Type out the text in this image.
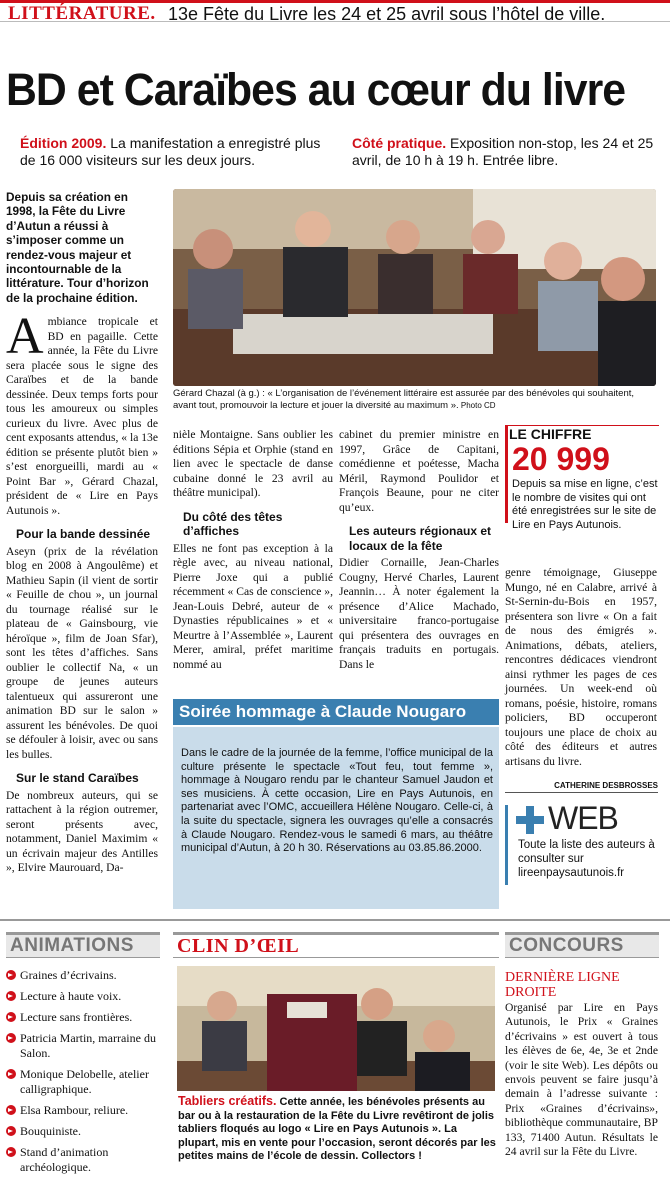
LITTÉRATURE. 13e Fête du Livre les 24 et 25 avril sous l’hôtel de ville.
BD et Caraïbes au cœur du livre
Édition 2009. La manifestation a enregistré plus de 16 000 visiteurs sur les deux jours.
Côté pratique. Exposition non-stop, les 24 et 25 avril, de 10 h à 19 h. Entrée libre.
Depuis sa création en 1998, la Fête du Livre d’Autun a réussi à s’imposer comme un rendez-vous majeur et incontournable de la littérature. Tour d’horizon de la prochaine édition.

Ambiance tropicale et BD en pagaille. Cette année, la Fête du Livre sera placée sous le signe des Caraïbes et de la bande dessinée. Deux temps forts pour tous les amoureux ou simples curieux du livre. Avec plus de cent exposants attendus, « la 13e édition se présente plutôt bien » s’est enorgueilli, mardi au « Point Bar », Gérard Chazal, président de « Lire en Pays Autunois ».

Pour la bande dessinée

Aseyn (prix de la révélation blog en 2008 à Angoulême) et Mathieu Sapin (il vient de sortir « Feuille de chou », un journal du tournage réalisé sur le plateau de « Gainsbourg, vie héroïque », film de Joan Sfar), sont les têtes d’affiches. Sans oublier le collectif Na, « un groupe de jeunes auteurs talentueux qui assureront une animation BD sur le salon » assurent les bénévoles. De quoi se défouler à loisir, avec ou sans les bulles.

Sur le stand Caraïbes

De nombreux auteurs, qui se rattachent à la région outremer, seront présents avec, notamment, Daniel Maximim « un écrivain majeur des Antilles », Elvire Maurouard, Da-

Gérard Chazal (à g.) : « L’organisation de l’événement littéraire est assurée par des bénévoles qui souhaitent, avant tout, promouvoir la lecture et jouer la diversité au maximum ». Photo CD

nièle Montaigne. Sans oublier les éditions Sépia et Orphie (stand en lien avec le spectacle de danse cubaine donné le 23 avril au théâtre municipal).

Du côté des têtes d’affiches

Elles ne font pas exception à la règle avec, au niveau national, Pierre Joxe qui a publié récemment « Cas de conscience », Jean-Louis Debré, auteur de « Dynasties républicaines » et « Meurtre à l’Assemblée », Laurent Merer, amiral, préfet maritime nommé au

cabinet du premier ministre en 1997, Grâce de Capitani, comédienne et poétesse, Macha Méril, Raymond Poulidor et François Beaune, pour ne citer qu’eux.

Les auteurs régionaux et locaux de la fête

Didier Cornaille, Jean-Charles Cougny, Hervé Charles, Laurent Jeannin… À noter également la présence d’Alice Machado, universitaire franco-portugaise qui présentera des ouvrages en français traduits en portugais. Dans le

LE CHIFFRE
20 999
Depuis sa mise en ligne, c’est le nombre de visites qui ont été enregistrées sur le site de Lire en Pays Autunois.

genre témoignage, Giuseppe Mungo, né en Calabre, arrivé à St-Sernin-du-Bois en 1957, présentera son livre « On a fait de nous des émigrés ». Animations, débats, ateliers, rencontres dédicaces viendront ainsi rythmer les pages de ces journées. Un week-end où romans, poésie, histoire, romans policiers, BD occuperont toujours une place de choix au côté des éditeurs et autres artisans du livre.

CATHERINE DESBROSSES
Soirée hommage à Claude Nougaro
Dans le cadre de la journée de la femme, l’office municipal de la culture présente le spectacle «Tout feu, tout femme », hommage à Nougaro rendu par le chanteur Samuel Jaudon et ses musiciens. À cette occasion, Lire en Pays Autunois, en partenariat avec l’OMC, accueillera Hélène Nougaro. Celle-ci, à la suite du spectacle, signera les ouvrages qu’elle a consacrés à Claude Nougaro. Rendez-vous le samedi 6 mars, au théâtre municipal d’Autun, à 20 h 30. Réservations au 03.85.86.2000.
WEB
Toute la liste des auteurs à consulter sur lireenpaysautunois.fr
ANIMATIONS
Graines d’écrivains.
Lecture à haute voix.
Lecture sans frontières.
Patricia Martin, marraine du Salon.
Monique Delobelle, atelier calligraphique.
Elsa Rambour, reliure.
Bouquiniste.
Stand d’animation archéologique.
CLIN D’ŒIL
Tabliers créatifs. Cette année, les bénévoles présents au bar ou à la restauration de la Fête du Livre revêtiront de jolis tabliers floqués au logo « Lire en Pays Autunois ». La plupart, mis en vente pour l’occasion, seront décorés par les petites mains de l’école de dessin. Collectors !
CONCOURS
DERNIÈRE LIGNE DROITE
Organisé par Lire en Pays Autunois, le Prix « Graines d’écrivains » est ouvert à tous les élèves de 6e, 4e, 3e et 2nde (voir le site Web). Les dépôts ou envois peuvent se faire jusqu’à demain à l’adresse suivante : Prix «Graines d’écrivains», bibliothèque communautaire, BP 133, 71400 Autun. Résultats le 24 avril sur la Fête du Livre.
